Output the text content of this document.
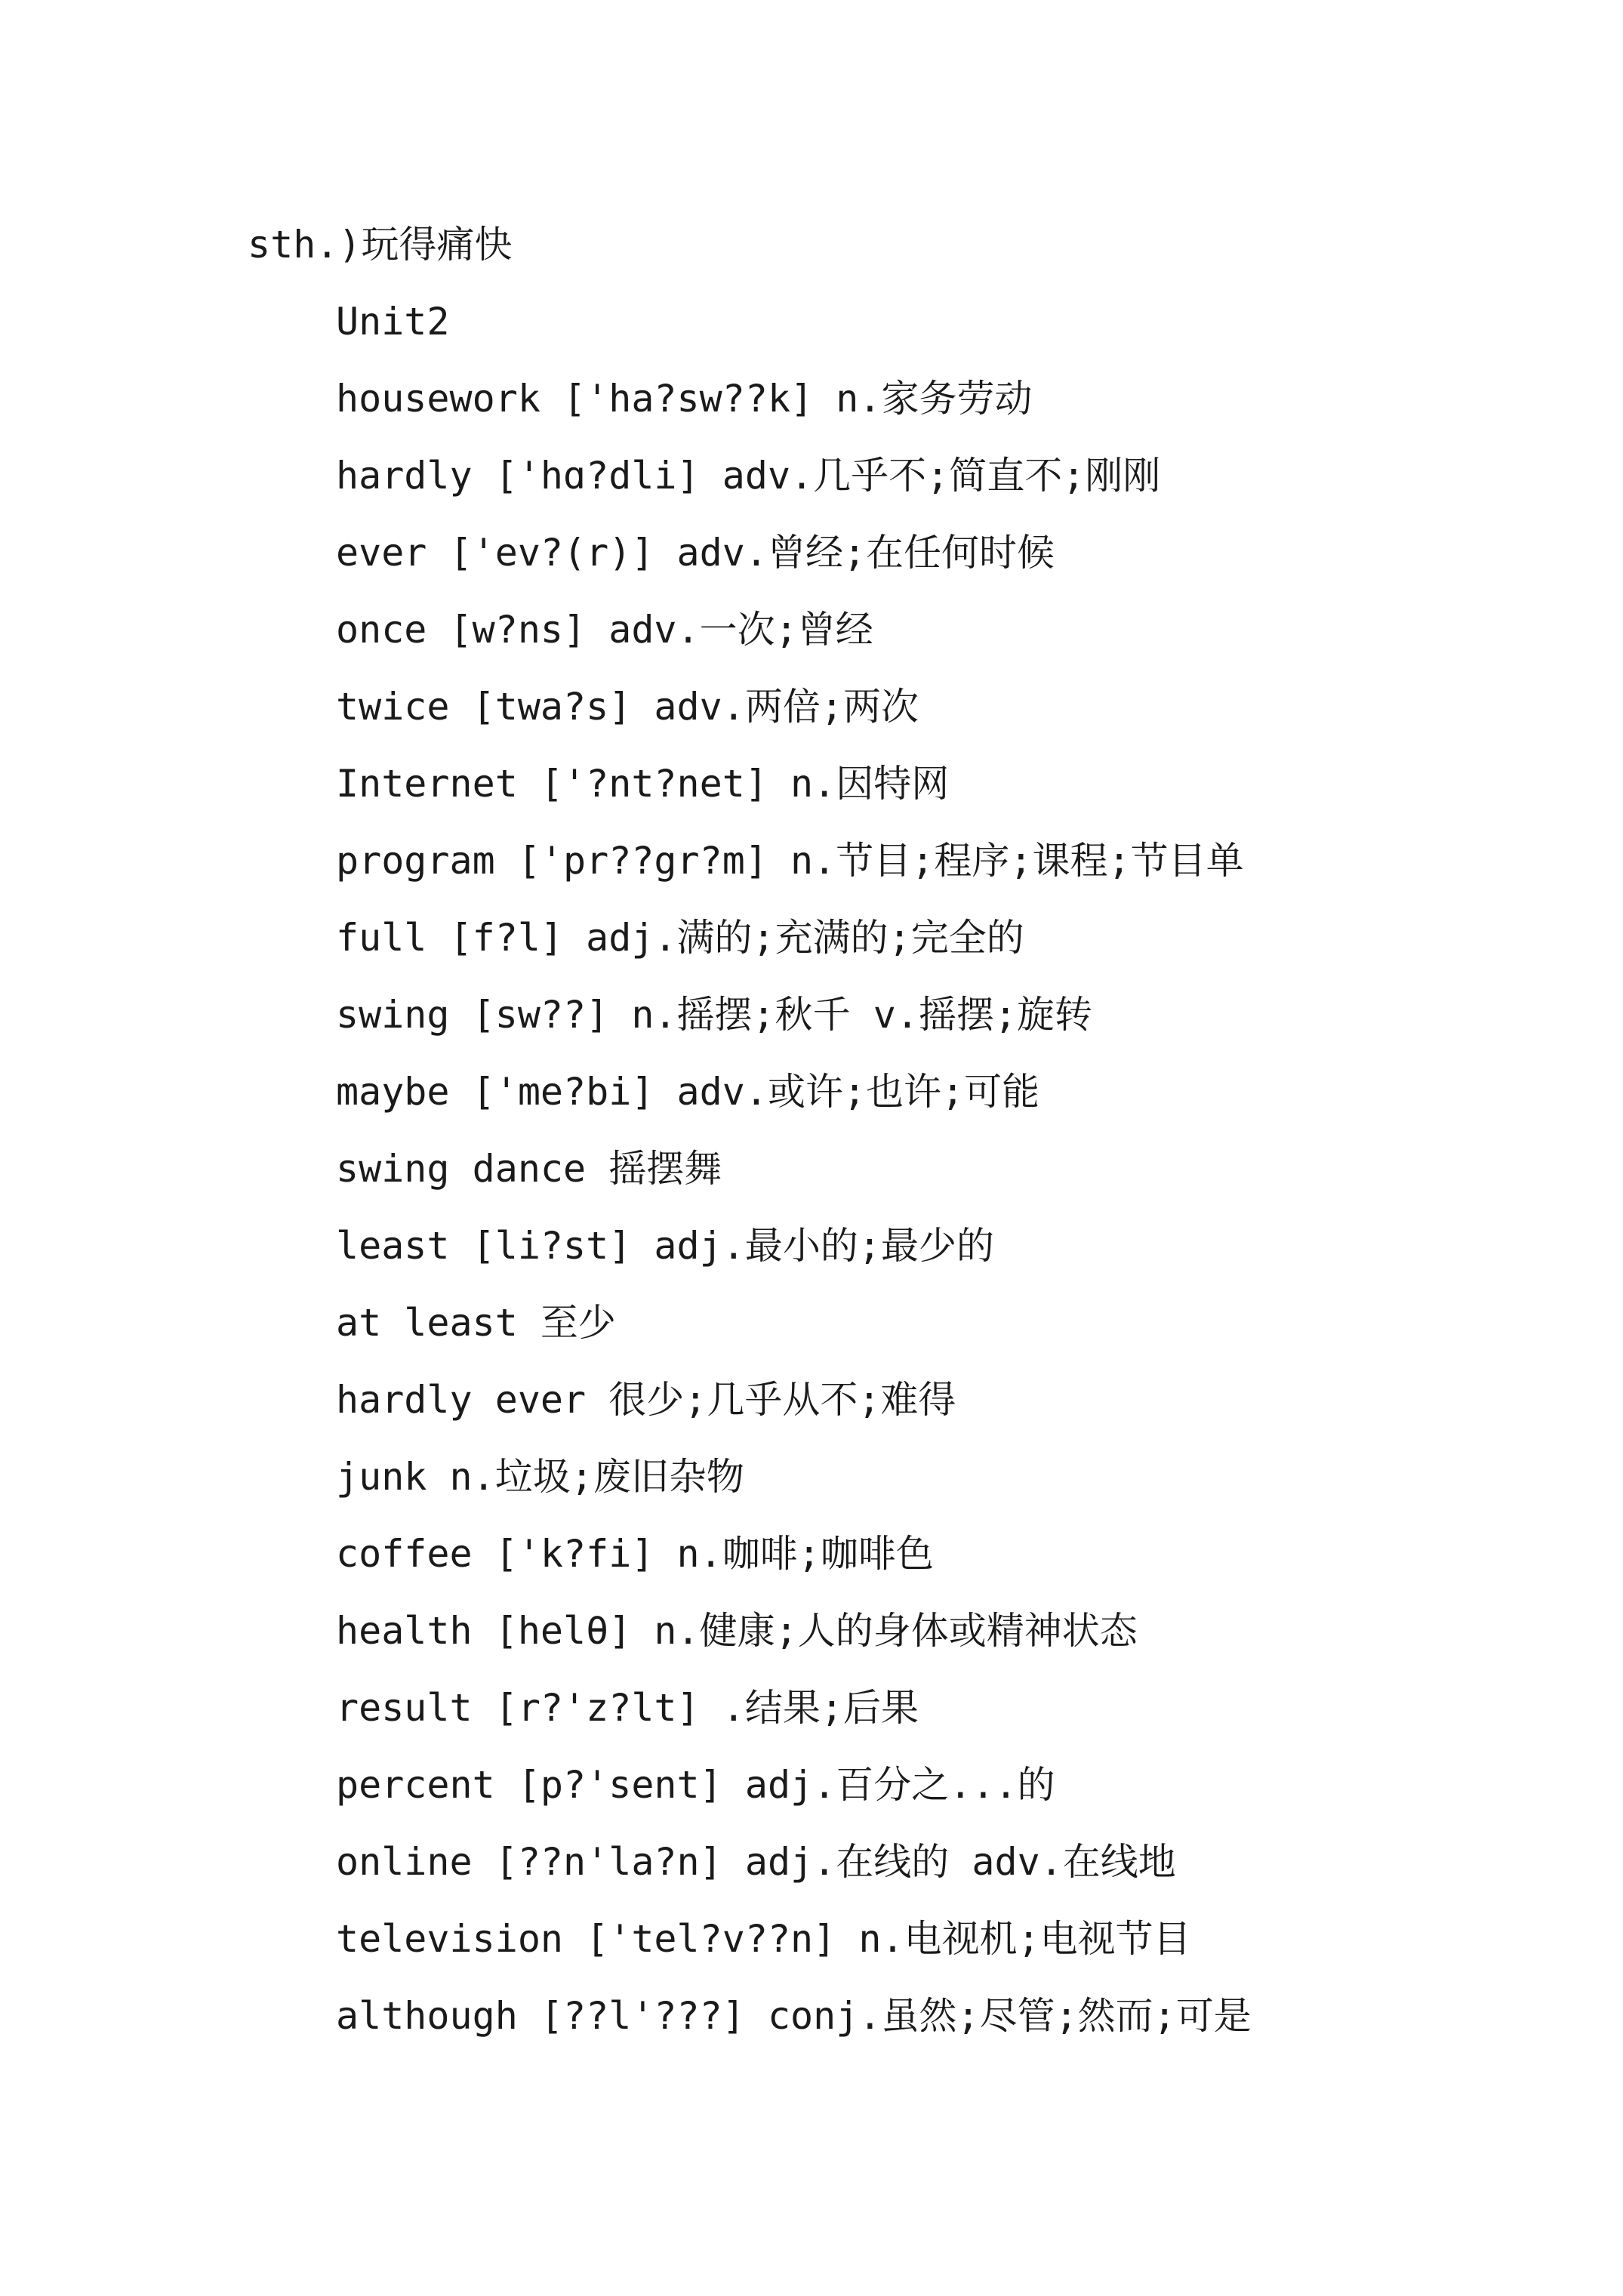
sth.)玩得痛快
Unit2
housework ['ha?sw??k] n.家务劳动
hardly ['hɑ?dli] adv.几乎不;简直不;刚刚
ever ['ev?(r)] adv.曾经;在任何时候
once [w?ns] adv.一次;曾经
twice [twa?s] adv.两倍;两次
Internet ['?nt?net] n.因特网
program ['pr??gr?m] n.节目;程序;课程;节目单
full [f?l] adj.满的;充满的;完全的
swing [sw??] n.摇摆;秋千 v.摇摆;旋转
maybe ['me?bi] adv.或许;也许;可能
swing dance 摇摆舞
least [li?st] adj.最小的;最少的
at least 至少
hardly ever 很少;几乎从不;难得
junk n.垃圾;废旧杂物
coffee ['k?fi] n.咖啡;咖啡色
health [helθ] n.健康;人的身体或精神状态
result [r?'z?lt] .结果;后果
percent [p?'sent] adj.百分之...的
online [??n'la?n] adj.在线的 adv.在线地
television ['tel?v??n] n.电视机;电视节目
although [??l'???] conj.虽然;尽管;然而;可是
